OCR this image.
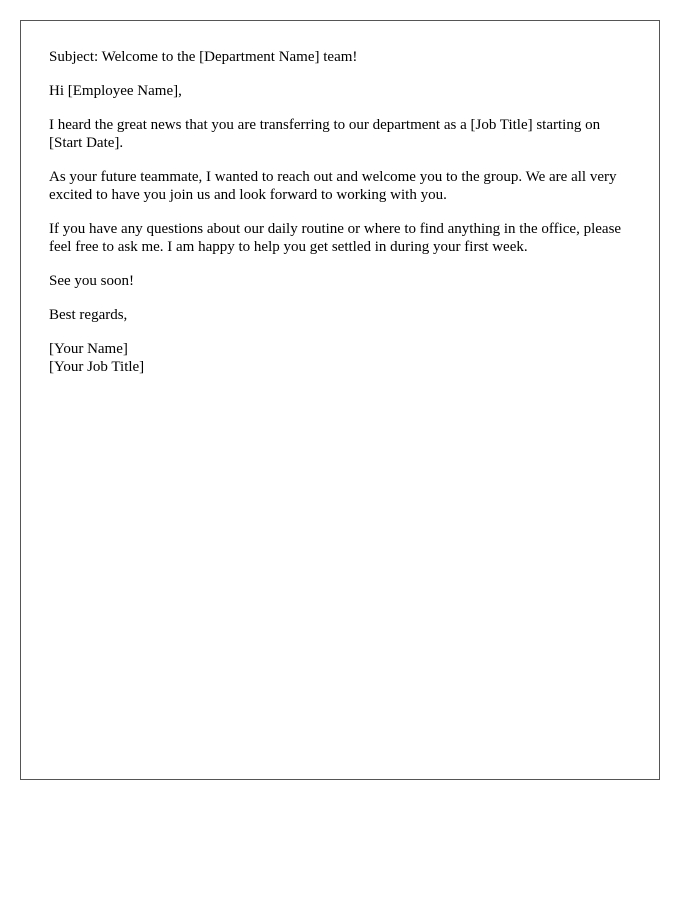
Subject: Welcome to the [Department Name] team!

Hi [Employee Name],

I heard the great news that you are transferring to our department as a [Job Title] starting on [Start Date].

As your future teammate, I wanted to reach out and welcome you to the group. We are all very excited to have you join us and look forward to working with you.

If you have any questions about our daily routine or where to find anything in the office, please feel free to ask me. I am happy to help you get settled in during your first week.

See you soon!

Best regards,

[Your Name]
[Your Job Title]
